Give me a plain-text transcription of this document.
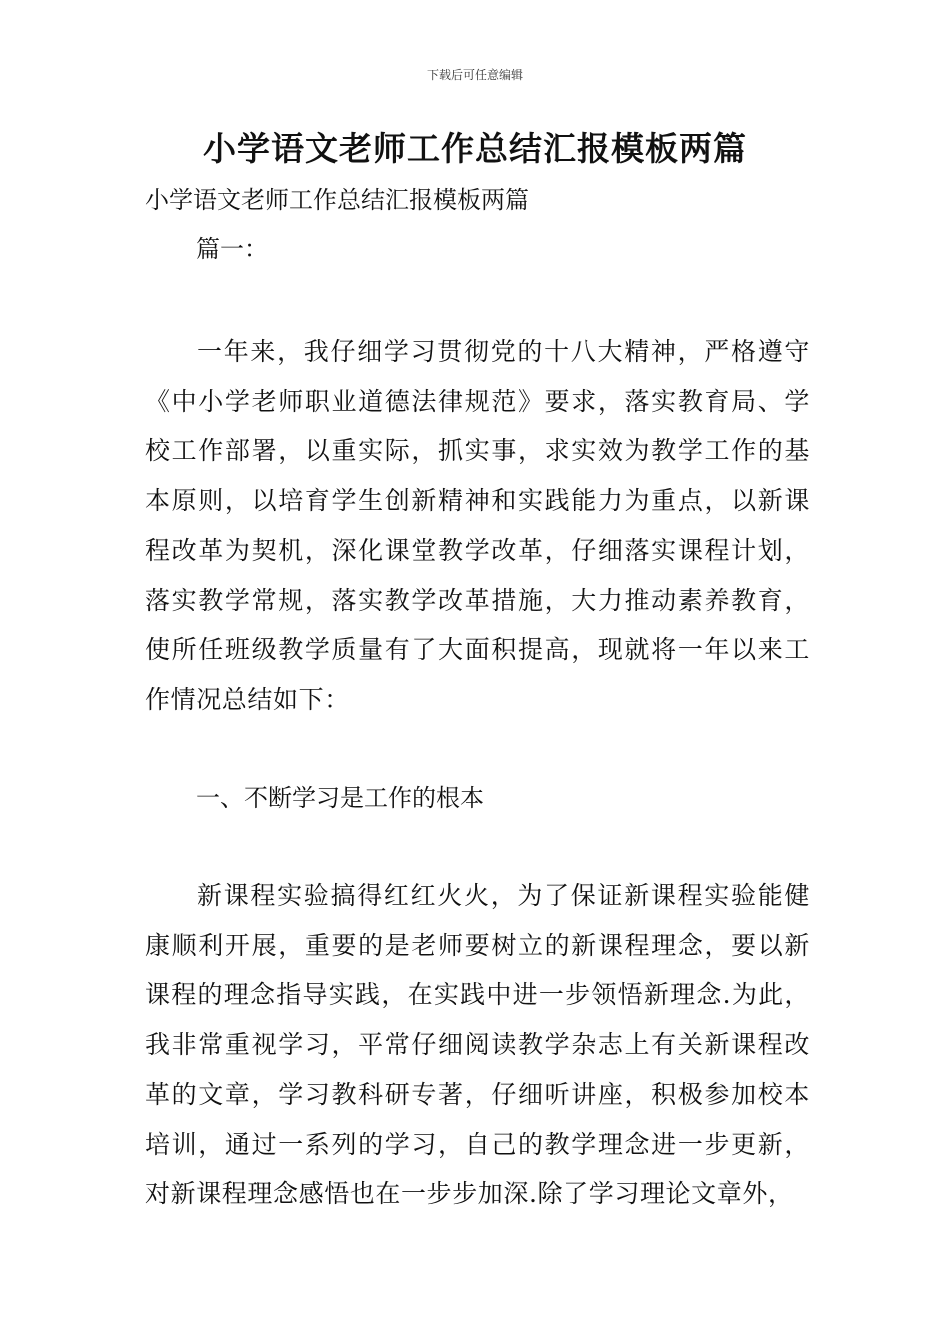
下载后可任意编辑
小学语文老师工作总结汇报模板两篇
小学语文老师工作总结汇报模板两篇
篇一：

一年来，我仔细学习贯彻党的十八大精神，严格遵守《中小学老师职业道德法律规范》要求，落实教育局、学校工作部署，以重实际，抓实事，求实效为教学工作的基本原则，以培育学生创新精神和实践能力为重点，以新课程改革为契机，深化课堂教学改革，仔细落实课程计划，落实教学常规，落实教学改革措施，大力推动素养教育，使所任班级教学质量有了大面积提高，现就将一年以来工作情况总结如下：

一、不断学习是工作的根本

新课程实验搞得红红火火，为了保证新课程实验能健康顺利开展，重要的是老师要树立的新课程理念，要以新课程的理念指导实践，在实践中进一步领悟新理念.为此，我非常重视学习，平常仔细阅读教学杂志上有关新课程改革的文章，学习教科研专著，仔细听讲座，积极参加校本培训，通过一系列的学习，自己的教学理念进一步更新，对新课程理念感悟也在一步步加深.除了学习理论文章外，
